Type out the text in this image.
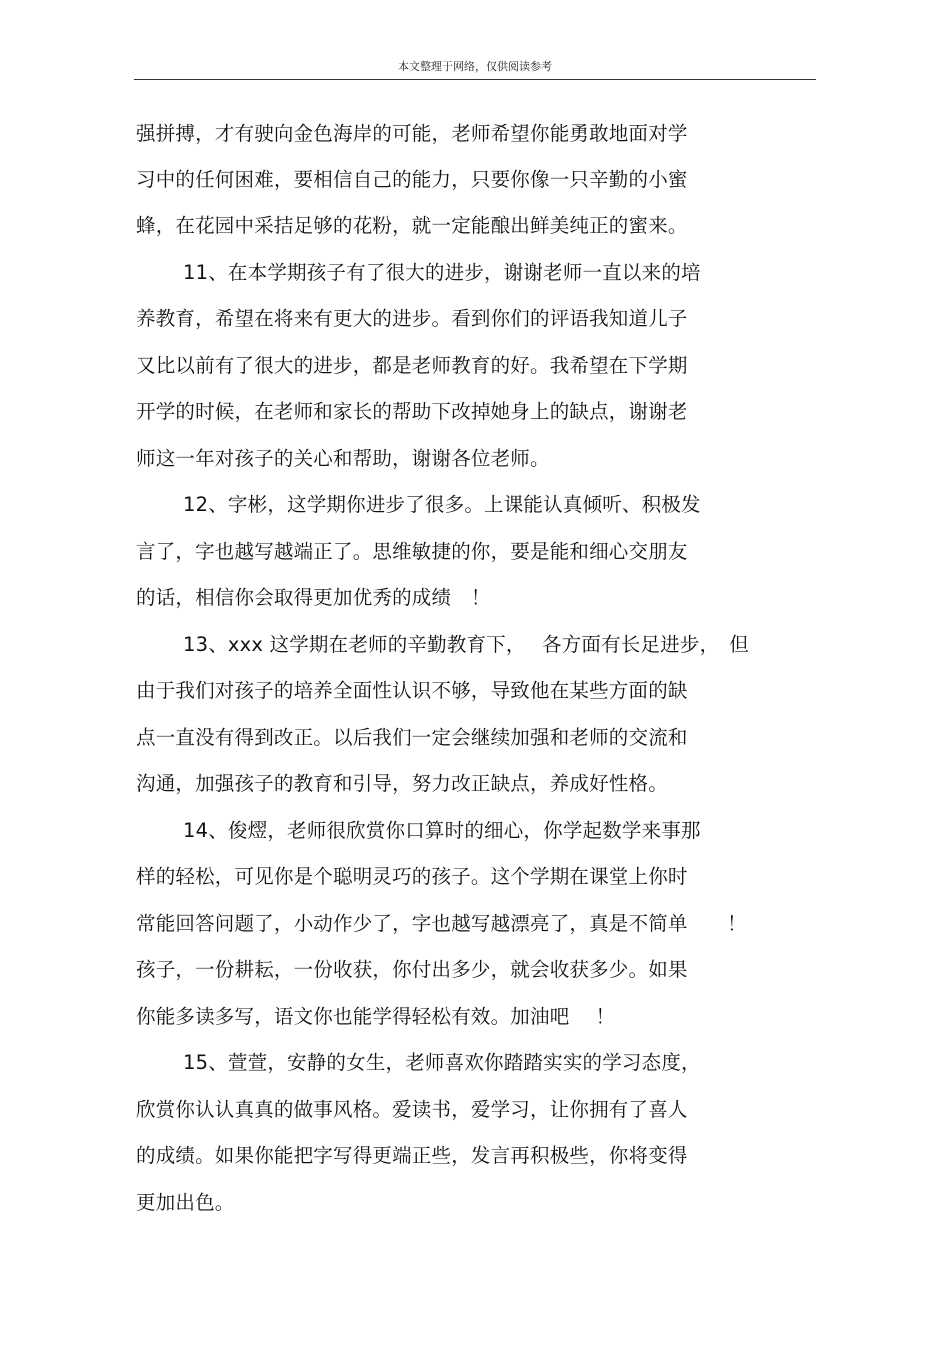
本文整理于网络，仅供阅读参考
强拼搏，才有驶向金色海岸的可能，老师希望你能勇敢地面对学
习中的任何困难，要相信自己的能力，只要你像一只辛勤的小蜜
蜂，在花园中采拮足够的花粉，就一定能酿出鲜美纯正的蜜来。
11、在本学期孩子有了很大的进步，谢谢老师一直以来的培
养教育，希望在将来有更大的进步。看到你们的评语我知道儿子
又比以前有了很大的进步，都是老师教育的好。我希望在下学期
开学的时候，在老师和家长的帮助下改掉她身上的缺点，谢谢老
师这一年对孩子的关心和帮助，谢谢各位老师。
12、字彬，这学期你进步了很多。上课能认真倾听、积极发
言了，字也越写越端正了。思维敏捷的你，要是能和细心交朋友
的话，相信你会取得更加优秀的成绩　！
13、xxx 这学期在老师的辛勤教育下，　 各方面有长足进步，　但
由于我们对孩子的培养全面性认识不够，导致他在某些方面的缺
点一直没有得到改正。以后我们一定会继续加强和老师的交流和
沟通，加强孩子的教育和引导，努力改正缺点，养成好性格。
14、俊熤，老师很欣赏你口算时的细心，你学起数学来事那
样的轻松，可见你是个聪明灵巧的孩子。这个学期在课堂上你时
常能回答问题了，小动作少了，字也越写越漂亮了，真是不简单　　！
孩子，一份耕耘，一份收获，你付出多少，就会收获多少。如果
你能多读多写，语文你也能学得轻松有效。加油吧　 ！
15、萱萱，安静的女生，老师喜欢你踏踏实实的学习态度，
欣赏你认认真真的做事风格。爱读书，爱学习，让你拥有了喜人
的成绩。如果你能把字写得更端正些，发言再积极些，你将变得
更加出色。
